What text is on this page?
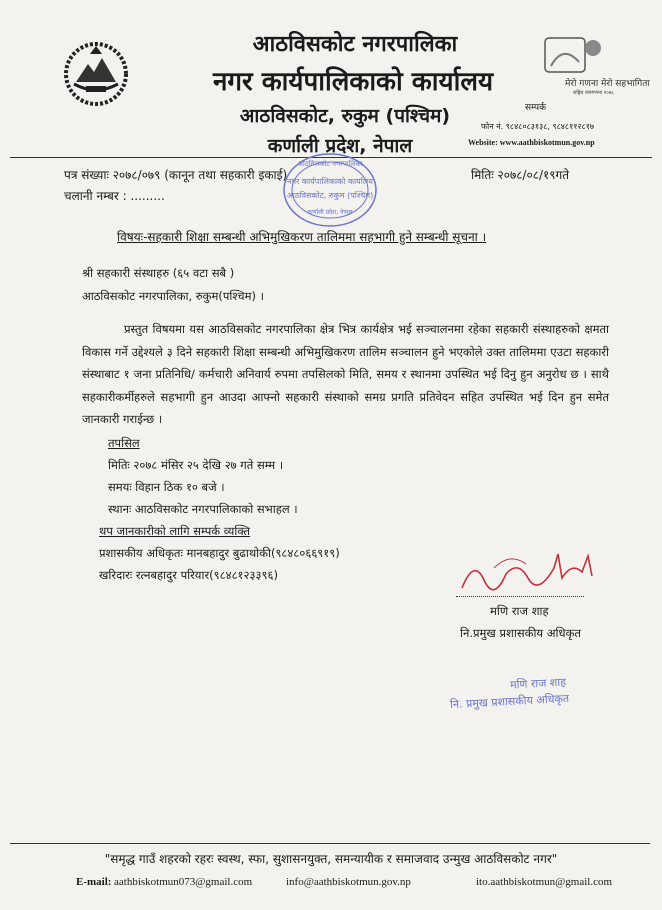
मेरो गणना मेरो सहभागिता
राष्ट्रिय जनगणना २०७८
आठविसकोट नगरपालिका
नगर कार्यपालिकाको कार्यालय
आठविसकोट, रुकुम (पश्चिम)
कर्णाली प्रदेश, नेपाल
सम्पर्क
फोन नं. ९८४८०८३१३८, ९८४८११२८१७
Website: www.aathbiskotmun.gov.np
आठविसकोट नगरपालिका
नगर कार्यपालिकाको कार्यालय
आठविसकोट, रुकुम (पश्चिम)
कर्णाली प्रदेश, नेपाल
पत्र संख्याः २०७८/०७९ (कानून तथा सहकारी इकाई)
चलानी नम्बर : .........
मितिः २०७८/०८/१९गते
विषयः-सहकारी शिक्षा सम्बन्धी अभिमुखिकरण तालिममा सहभागी हुने सम्बन्धी सूचना ।
श्री सहकारी संस्थाहरु (६५ वटा सबै )
आठविसकोट नगरपालिका, रुकुम(पश्चिम) ।
प्रस्तुत विषयमा यस आठविसकोट नगरपालिका क्षेत्र भित्र कार्यक्षेत्र भई सञ्चालनमा रहेका सहकारी संस्थाहरुको क्षमता विकास गर्ने उद्देश्यले ३ दिने सहकारी शिक्षा सम्बन्धी अभिमुखिकरण तालिम सञ्चालन हुने भएकोले उक्त तालिममा एउटा सहकारी संस्थाबाट १ जना प्रतिनिधि/ कर्मचारी अनिवार्य रुपमा तपसिलको मिति, समय र स्थानमा उपस्थित भई दिनु हुन अनुरोध छ । साथै सहकारीकर्मीहरुले सहभागी हुन आउदा आफ्नो सहकारी संस्थाको समग्र प्रगति प्रतिवेदन सहित उपस्थित भई दिन हुन समेत जानकारी गराईन्छ ।
तपसिल
मितिः २०७८ मंसिर २५ देखि २७ गते सम्म ।
समयः विहान ठिक १० बजे ।
स्थानः आठविसकोट नगरपालिकाको सभाहल ।
थप जानकारीको लागि सम्पर्क व्यक्ति
प्रशासकीय अधिकृतः मानबहादुर बुढाथोकी(९८४८०६६९१९)
खरिदारः रत्नबहादुर परियार(९८४८१२३३९६)
मणि राज शाह
नि.प्रमुख प्रशासकीय अधिकृत
मणि राज शाह
नि. प्रमुख प्रशासकीय अधिकृत
"समृद्ध गाउँ शहरको रहरः स्वस्थ, स्फा, सुशासनयुक्त, समन्यायीक र समाजवाद उन्मुख आठविसकोट नगर"
E-mail: aathbiskotmun073@gmail.com	info@aathbiskotmun.gov.np	ito.aathbiskotmun@gmail.com
